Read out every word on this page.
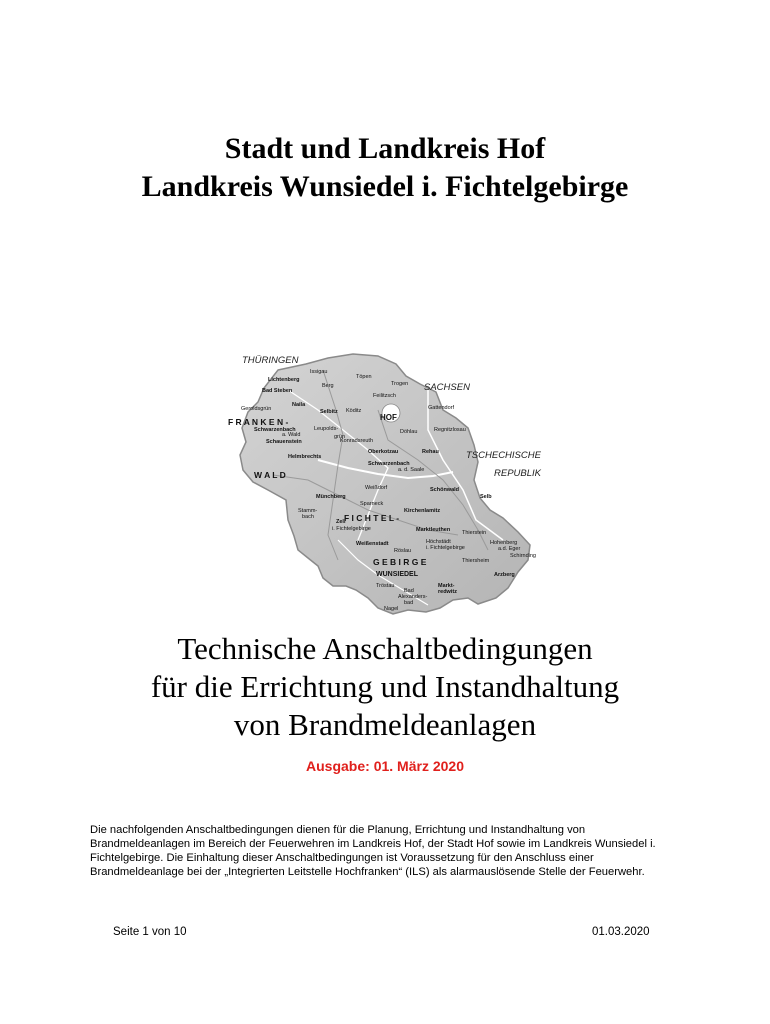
Stadt und Landkreis Hof
Landkreis Wunsiedel i. Fichtelgebirge
THÜRINGEN
SACHSEN
TSCHECHISCHE
REPUBLIK
F R A N K E N -
W A L D
F I C H T E L -
G E B I R G E
HOF
WUNSIEDEL
Issigau
Töpen
Lichtenberg
Berg	Trogen
Bad Steben
Feilitzsch
Naila
Geroldsgrün	Selbitz Köditz	Gattendorf
Schwarzenbach
a. Wald
Leupolds-
grün
Döhlau	Regnitzlosau
Schauenstein	Konradsreuth
Helmbrechts
Oberkotzau	Rehau
Schwarzenbach
a. d. Saale
Schönwald
Weißdorf
Selb
Münchberg
Sparneck
Stamm-
bach
Kirchenlamitz
Zell
i. Fichtelgebirge
Thierstein
Marktleuthen
Höchstädt
i. Fichtelgebirge
Hohenberg
a.d. Eger
Weißenstadt
Röslau
Schirnding
Thiersheim
Arzberg
Tröstau	Markt-
redwitz
Bad
Alexanders-
bad
Nagel
Technische Anschaltbedingungen
für die Errichtung und Instandhaltung
von Brandmeldeanlagen
Ausgabe: 01. März 2020

Die nachfolgenden Anschaltbedingungen dienen für die Planung, Errichtung und Instandhaltung von Brandmeldeanlagen im Bereich der Feuerwehren im Landkreis Hof, der Stadt Hof sowie im Landkreis Wunsiedel i. Fichtelgebirge. Die Einhaltung dieser Anschaltbedingungen ist Voraussetzung für den Anschluss einer Brandmeldeanlage bei der „Integrierten Leitstelle Hochfranken“ (ILS) als alarmauslösende Stelle der Feuerwehr.

Seite 1 von 10	01.03.2020
